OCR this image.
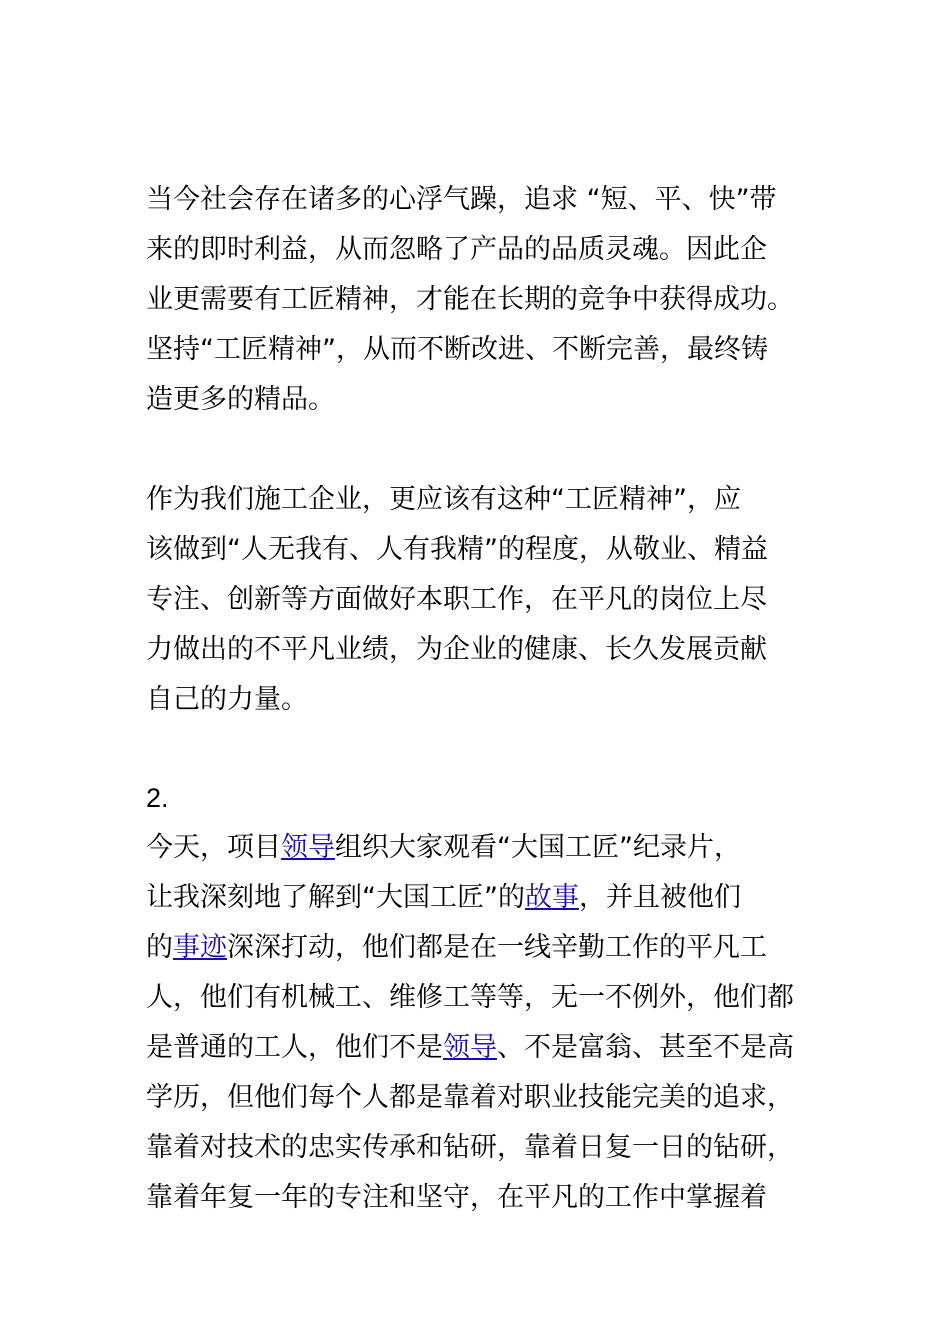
当今社会存在诸多的心浮气躁，追求 “短、平、快”带
来的即时利益，从而忽略了产品的品质灵魂。因此企
业更需要有工匠精神，才能在长期的竞争中获得成功。
坚持“工匠精神”，从而不断改进、不断完善，最终铸
造更多的精品。
作为我们施工企业，更应该有这种“工匠精神”，应
该做到“人无我有、人有我精”的程度，从敬业、精益
专注、创新等方面做好本职工作，在平凡的岗位上尽
力做出的不平凡业绩，为企业的健康、长久发展贡献
自己的力量。
2.
今天，项目领导组织大家观看“大国工匠”纪录片，
让我深刻地了解到“大国工匠”的故事，并且被他们
的事迹深深打动，他们都是在一线辛勤工作的平凡工
人，他们有机械工、维修工等等，无一不例外，他们都
是普通的工人，他们不是领导、不是富翁、甚至不是高
学历，但他们每个人都是靠着对职业技能完美的追求，
靠着对技术的忠实传承和钻研，靠着日复一日的钻研，
靠着年复一年的专注和坚守，在平凡的工作中掌握着
